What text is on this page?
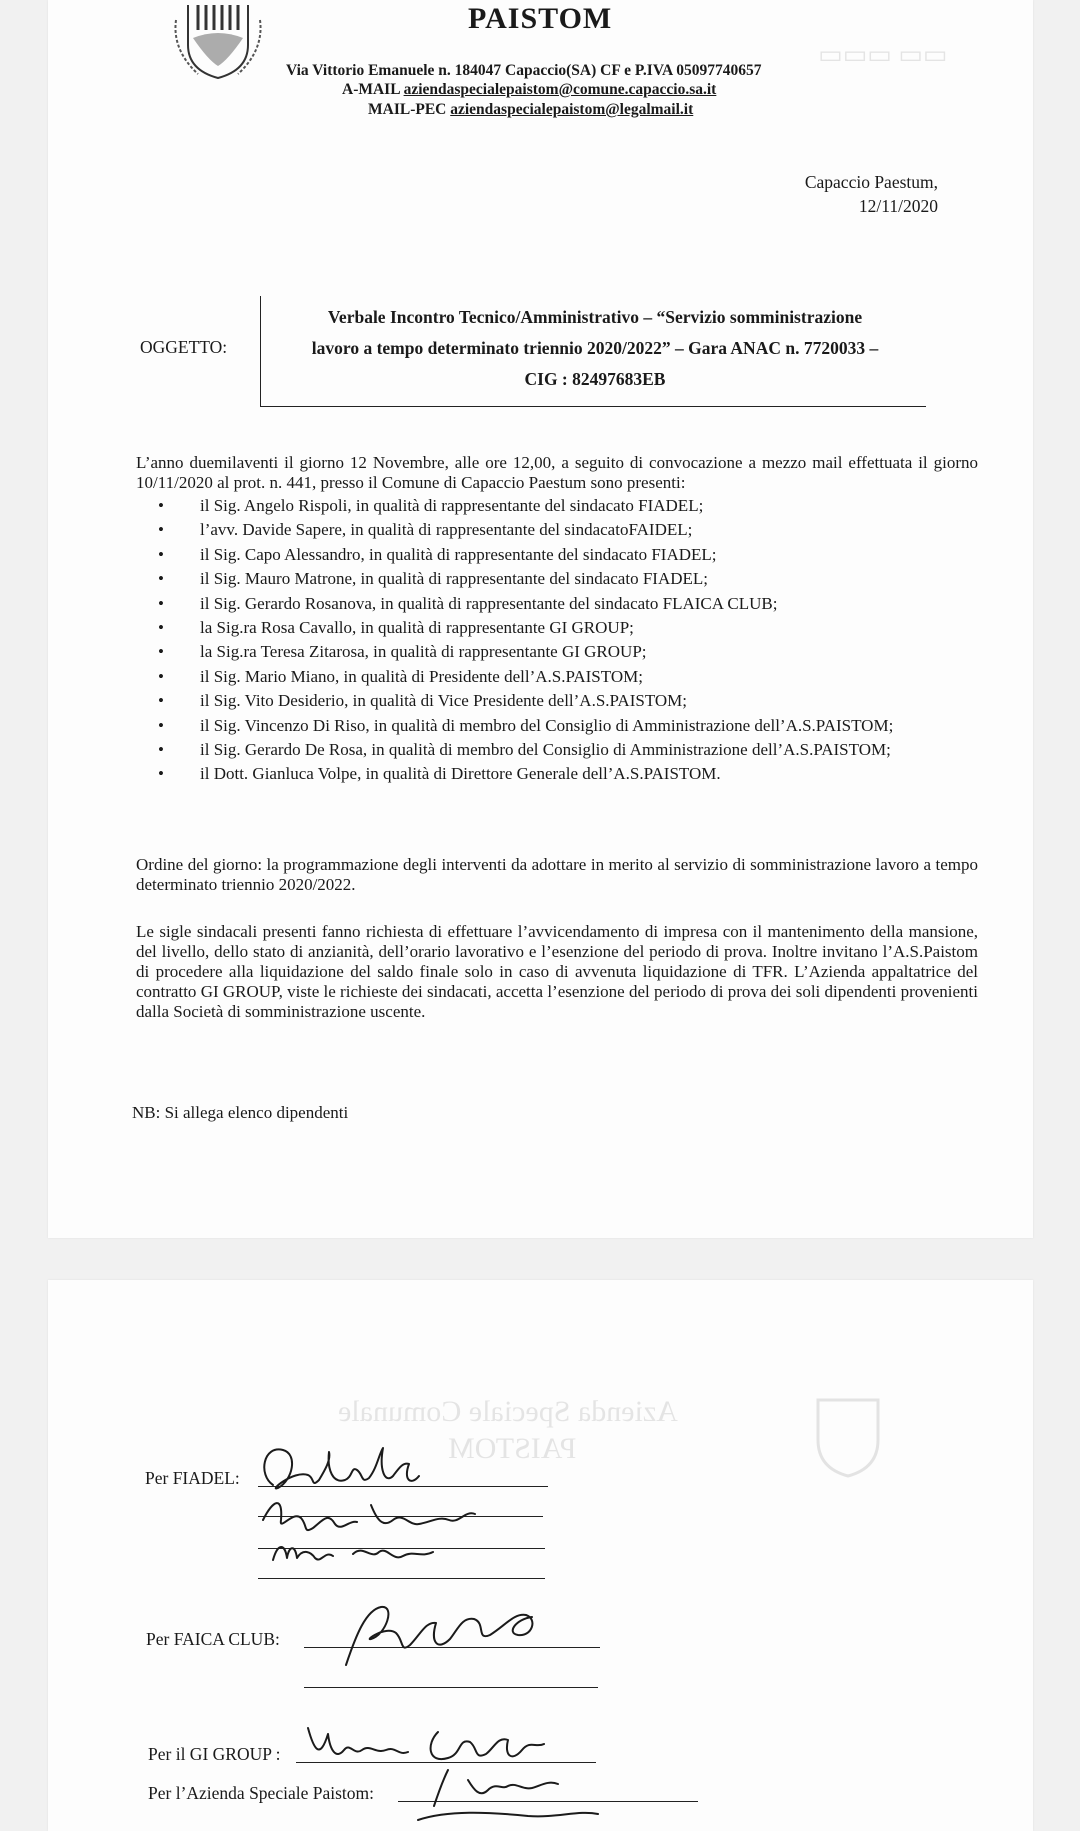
PAISTOM
Via Vittorio Emanuele n. 184047 Capaccio(SA) CF e P.IVA 05097740657
A-MAIL aziendaspecialepaistom@comune.capaccio.sa.it
MAIL-PEC aziendaspecialepaistom@legalmail.it
▭▭▭ ▭▭
Capaccio Paestum,
12/11/2020
OGGETTO:
Verbale Incontro Tecnico/Amministrativo – “Servizio somministrazione
lavoro a tempo determinato triennio 2020/2022” – Gara ANAC n. 7720033 –
CIG : 82497683EB
L’anno duemilaventi il giorno 12 Novembre, alle ore 12,00, a seguito di convocazione a mezzo mail effettuata il giorno 10/11/2020 al prot. n. 441, presso il Comune di Capaccio Paestum sono presenti:
• il Sig. Angelo Rispoli, in qualità di rappresentante del sindacato FIADEL;
• l’avv. Davide Sapere, in qualità di rappresentante del sindacatoFAIDEL;
• il Sig. Capo Alessandro, in qualità di rappresentante del sindacato FIADEL;
• il Sig. Mauro Matrone, in qualità di rappresentante del sindacato FIADEL;
• il Sig. Gerardo Rosanova, in qualità di rappresentante del sindacato FLAICA CLUB;
• la Sig.ra Rosa Cavallo, in qualità di rappresentante GI GROUP;
• la Sig.ra Teresa Zitarosa, in qualità di rappresentante GI GROUP;
• il Sig. Mario Miano, in qualità di Presidente dell’A.S.PAISTOM;
• il Sig. Vito Desiderio, in qualità di Vice Presidente dell’A.S.PAISTOM;
• il Sig. Vincenzo Di Riso, in qualità di membro del Consiglio di Amministrazione dell’A.S.PAISTOM;
• il Sig. Gerardo De Rosa, in qualità di membro del Consiglio di Amministrazione dell’A.S.PAISTOM;
• il Dott. Gianluca Volpe, in qualità di Direttore Generale dell’A.S.PAISTOM.
Ordine del giorno: la programmazione degli interventi da adottare in merito al servizio di somministrazione lavoro a tempo determinato triennio 2020/2022.
Le sigle sindacali presenti fanno richiesta di effettuare l’avvicendamento di impresa con il mantenimento della mansione, del livello, dello stato di anzianità, dell’orario lavorativo e l’esenzione del periodo di prova. Inoltre invitano l’A.S.Paistom di procedere alla liquidazione del saldo finale solo in caso di avvenuta liquidazione di TFR. L’Azienda appaltatrice del contratto GI GROUP, viste le richieste dei sindacati, accetta l’esenzione del periodo di prova dei soli dipendenti provenienti dalla Società di somministrazione uscente.
NB: Si allega elenco dipendenti
Azienda Speciale Comunale
PAISTOM
Per FIADEL:
Per FAICA CLUB:
Per il GI GROUP :
Per l’Azienda Speciale Paistom:
